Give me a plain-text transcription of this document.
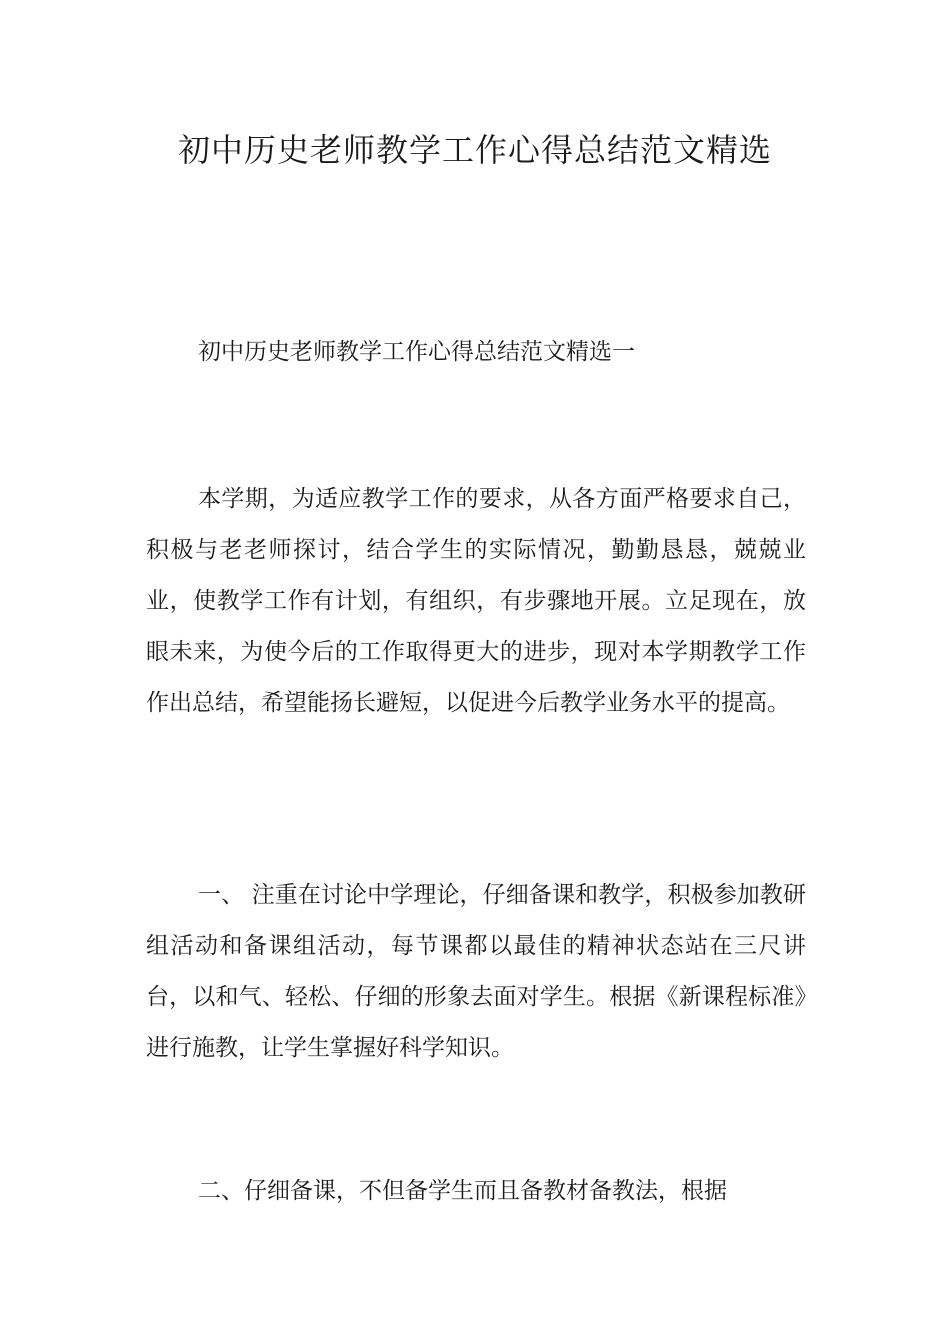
初中历史老师教学工作心得总结范文精选

初中历史老师教学工作心得总结范文精选一

本学期，为适应教学工作的要求，从各方面严格要求自己， 积极与老老师探讨，结合学生的实际情况，勤勤恳恳，兢兢业业，使教学工作有计划，有组织，有步骤地开展。立足现在，放眼未来，为使今后的工作取得更大的进步，现对本学期教学工作作出总结，希望能扬长避短，以促进今后教学业务水平的提高。

一、 注重在讨论中学理论，仔细备课和教学，积极参加教研组活动和备课组活动，每节课都以最佳的精神状态站在三尺讲台，以和气、轻松、仔细的形象去面对学生。根据《新课程标准》进行施教，让学生掌握好科学知识。

二、仔细备课，不但备学生而且备教材备教法，根据
